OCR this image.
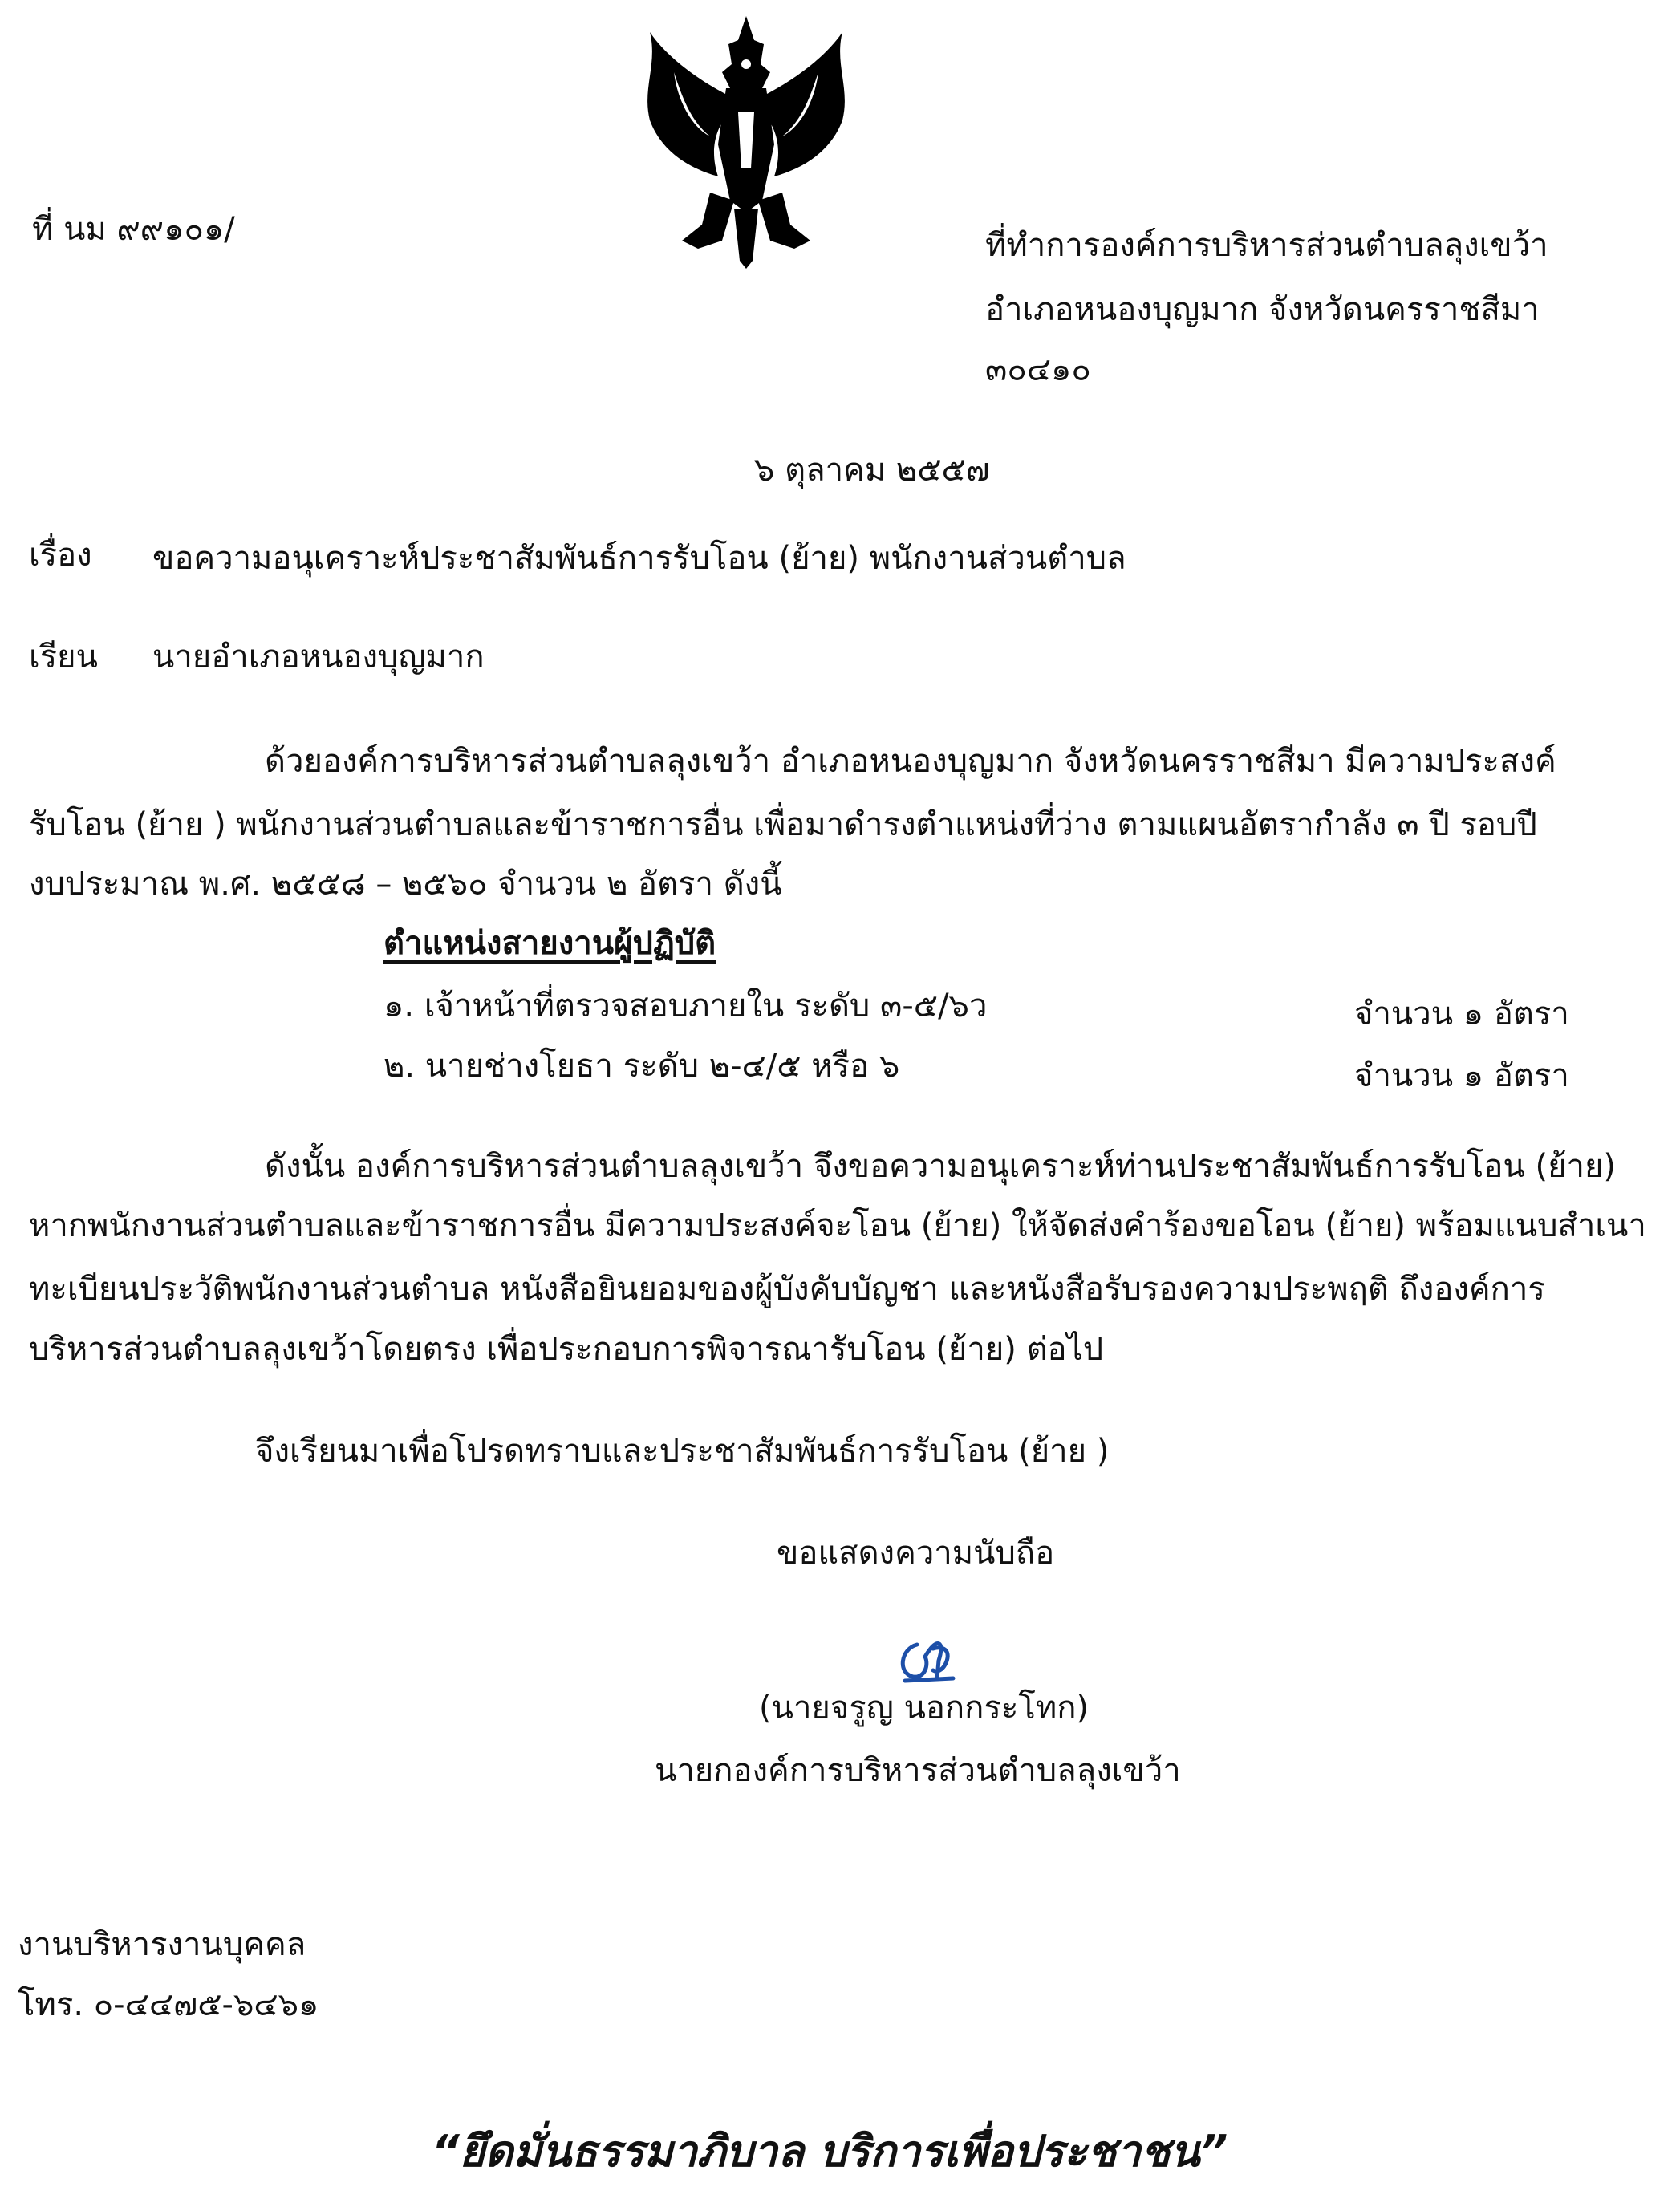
ที่ นม ๙๙๑๐๑/	ที่ทำการองค์การบริหารส่วนตำบลลุงเขว้า
อำเภอหนองบุญมาก จังหวัดนครราชสีมา
๓๐๔๑๐
๖ ตุลาคม ๒๕๕๗
เรื่อง ขอความอนุเคราะห์ประชาสัมพันธ์การรับโอน (ย้าย) พนักงานส่วนตำบล
เรียน นายอำเภอหนองบุญมาก
ด้วยองค์การบริหารส่วนตำบลลุงเขว้า อำเภอหนองบุญมาก จังหวัดนครราชสีมา มีความประสงค์
รับโอน (ย้าย ) พนักงานส่วนตำบลและข้าราชการอื่น เพื่อมาดำรงตำแหน่งที่ว่าง ตามแผนอัตรากำลัง ๓ ปี รอบปี
งบประมาณ พ.ศ. ๒๕๕๘ – ๒๕๖๐ จำนวน ๒ อัตรา ดังนี้
ตำแหน่งสายงานผู้ปฏิบัติ
๑. เจ้าหน้าที่ตรวจสอบภายใน ระดับ ๓-๕/๖ว	จำนวน ๑ อัตรา
๒. นายช่างโยธา ระดับ ๒-๔/๕ หรือ ๖	จำนวน ๑ อัตรา
ดังนั้น องค์การบริหารส่วนตำบลลุงเขว้า จึงขอความอนุเคราะห์ท่านประชาสัมพันธ์การรับโอน (ย้าย)
หากพนักงานส่วนตำบลและข้าราชการอื่น มีความประสงค์จะโอน (ย้าย) ให้จัดส่งคำร้องขอโอน (ย้าย) พร้อมแนบสำเนา
ทะเบียนประวัติพนักงานส่วนตำบล หนังสือยินยอมของผู้บังคับบัญชา และหนังสือรับรองความประพฤติ ถึงองค์การ
บริหารส่วนตำบลลุงเขว้าโดยตรง เพื่อประกอบการพิจารณารับโอน (ย้าย) ต่อไป
จึงเรียนมาเพื่อโปรดทราบและประชาสัมพันธ์การรับโอน (ย้าย )
ขอแสดงความนับถือ
(นายจรูญ นอกกระโทก)
นายกองค์การบริหารส่วนตำบลลุงเขว้า
งานบริหารงานบุคคล
โทร. ๐-๔๔๗๕-๖๔๖๑
“ยึดมั่นธรรมาภิบาล บริการเพื่อประชาชน”
